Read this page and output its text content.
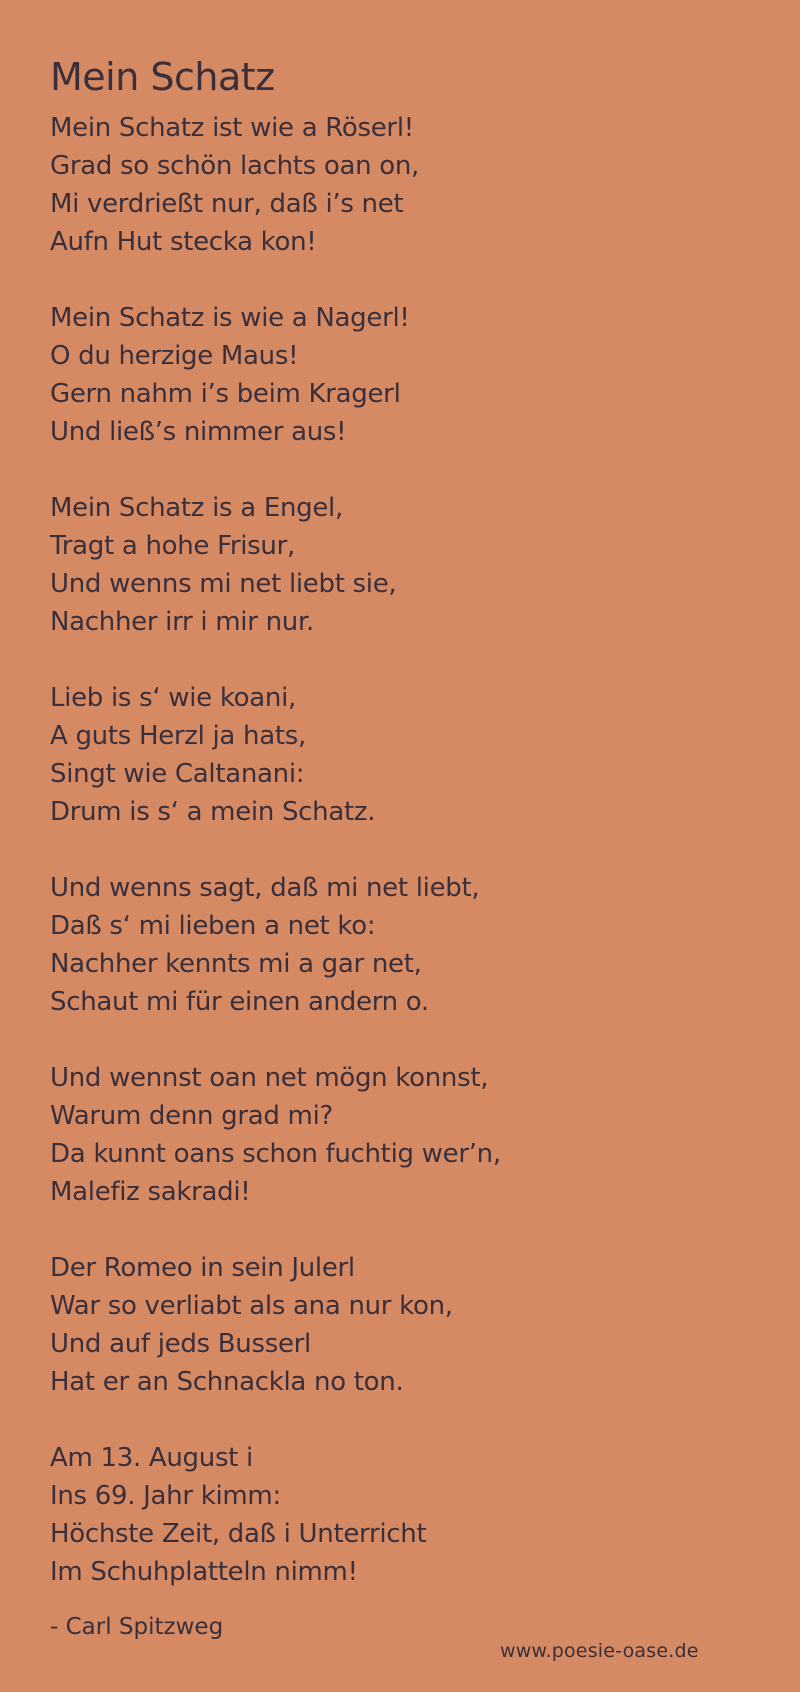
Mein Schatz
Mein Schatz ist wie a Röserl!
Grad so schön lachts oan on,
Mi verdrießt nur, daß i’s net
Aufn Hut stecka kon!
Mein Schatz is wie a Nagerl!
O du herzige Maus!
Gern nahm i’s beim Kragerl
Und ließ’s nimmer aus!
Mein Schatz is a Engel,
Tragt a hohe Frisur,
Und wenns mi net liebt sie,
Nachher irr i mir nur.
Lieb is s‘ wie koani,
A guts Herzl ja hats,
Singt wie Caltanani:
Drum is s‘ a mein Schatz.
Und wenns sagt, daß mi net liebt,
Daß s‘ mi lieben a net ko:
Nachher kennts mi a gar net,
Schaut mi für einen andern o.
Und wennst oan net mögn konnst,
Warum denn grad mi?
Da kunnt oans schon fuchtig wer’n,
Malefiz sakradi!
Der Romeo in sein Julerl
War so verliabt als ana nur kon,
Und auf jeds Busserl
Hat er an Schnackla no ton.
Am 13. August i
Ins 69. Jahr kimm:
Höchste Zeit, daß i Unterricht
Im Schuhplatteln nimm!
- Carl Spitzweg
www.poesie-oase.de
